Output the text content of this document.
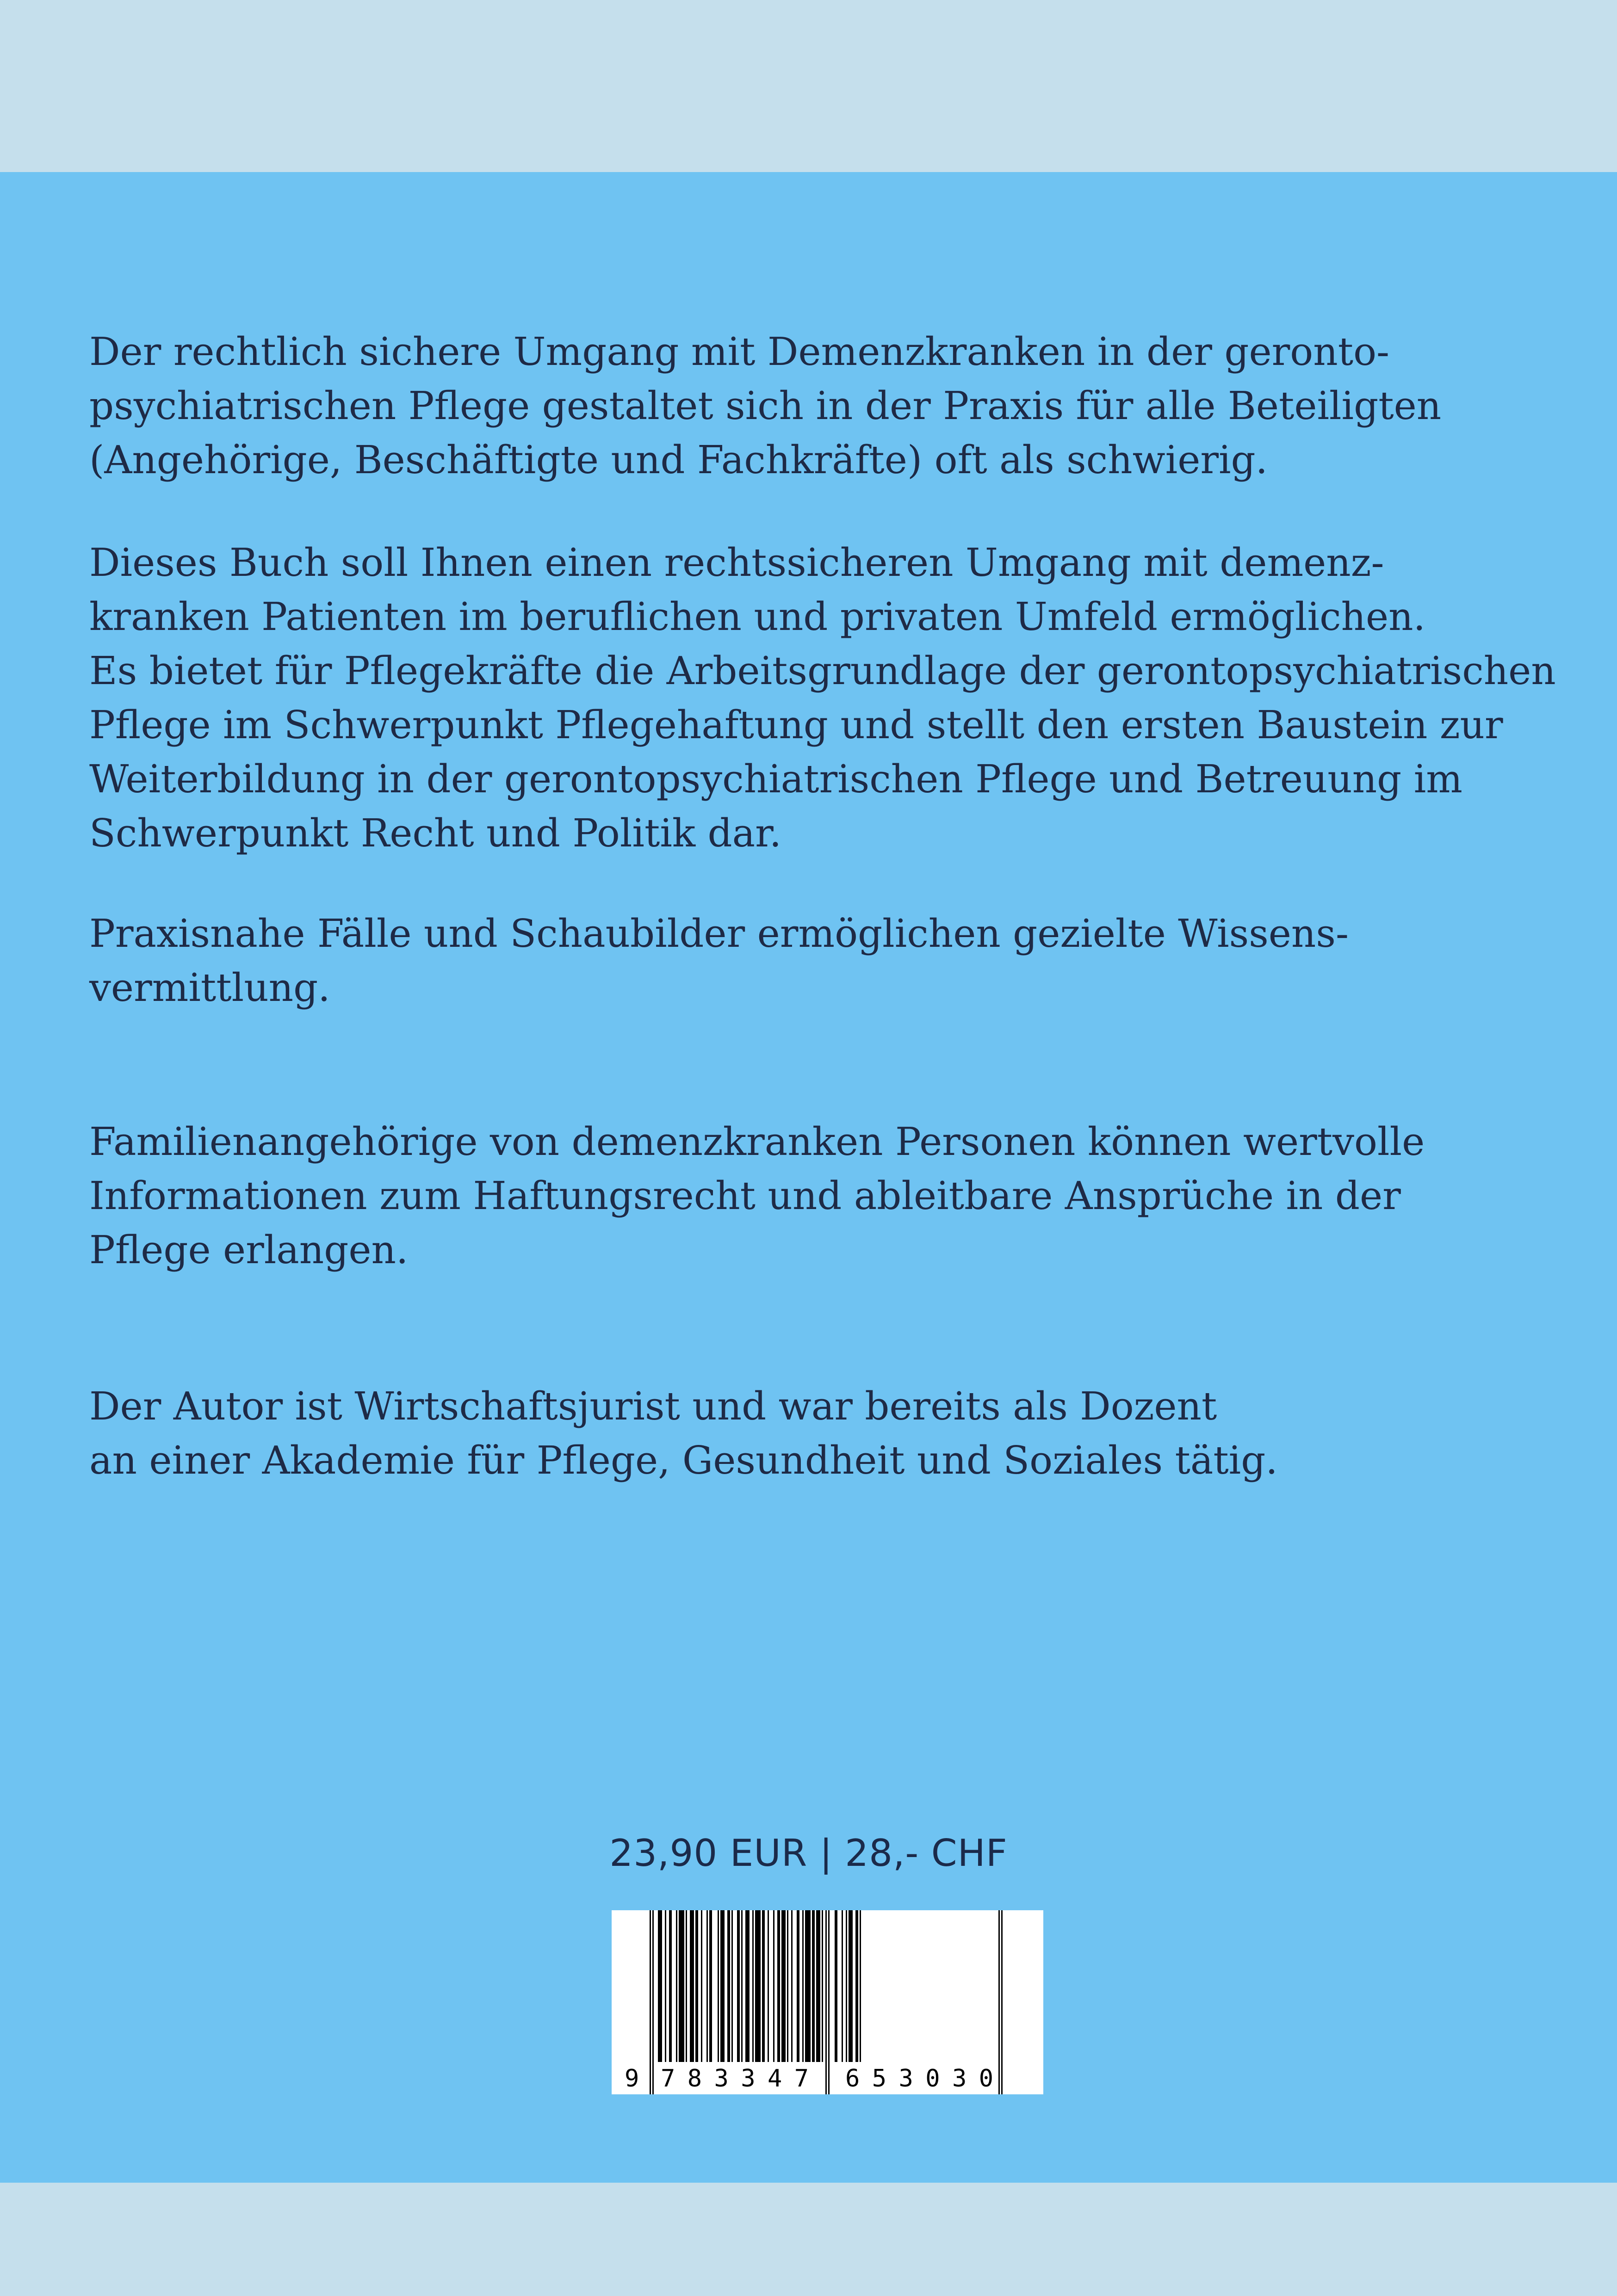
Der rechtlich sichere Umgang mit Demenzkranken in der geronto-
psychiatrischen Pflege gestaltet sich in der Praxis für alle Beteiligten
(Angehörige, Beschäftigte und Fachkräfte) oft als schwierig.
Dieses Buch soll Ihnen einen rechtssicheren Umgang mit demenz-
kranken Patienten im beruflichen und privaten Umfeld ermöglichen.
Es bietet für Pflegekräfte die Arbeitsgrundlage der gerontopsychiatrischen
Pflege im Schwerpunkt Pflegehaftung und stellt den ersten Baustein zur
Weiterbildung in der gerontopsychiatrischen Pflege und Betreuung im
Schwerpunkt Recht und Politik dar.
Praxisnahe Fälle und Schaubilder ermöglichen gezielte Wissens-
vermittlung.
Familienangehörige von demenzkranken Personen können wertvolle
Informationen zum Haftungsrecht und ableitbare Ansprüche in der
Pflege erlangen.
Der Autor ist Wirtschaftsjurist und war bereits als Dozent
an einer Akademie für Pflege, Gesundheit und Soziales tätig.
23,90 EUR | 28,- CHF
9 783347 653030
